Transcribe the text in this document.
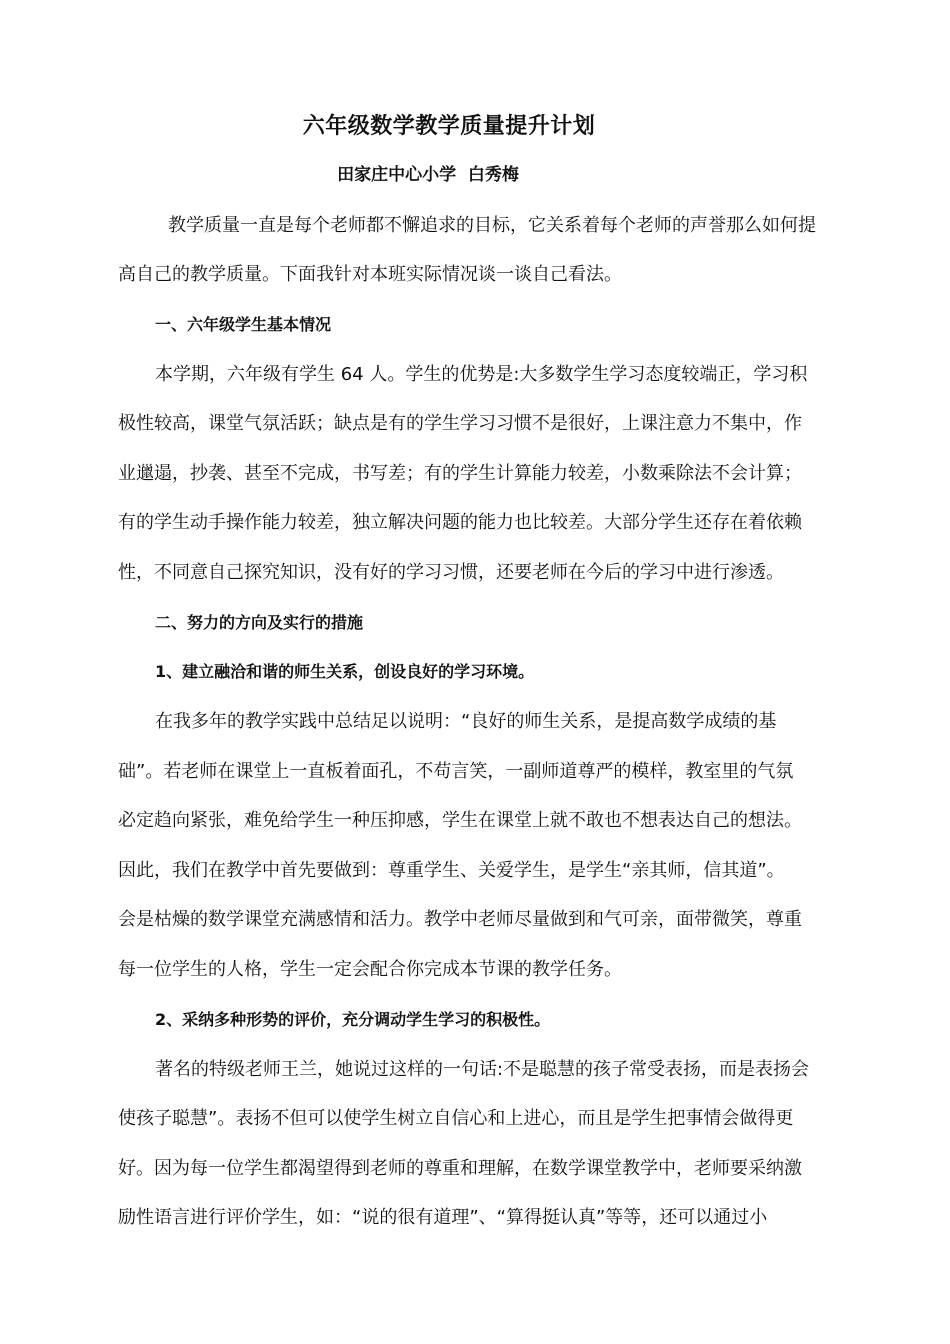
六年级数学教学质量提升计划
田家庄中心小学  白秀梅
教学质量一直是每个老师都不懈追求的目标，它关系着每个老师的声誉那么如何提
高自己的教学质量。下面我针对本班实际情况谈一谈自己看法。
一、六年级学生基本情况
本学期，六年级有学生 64 人。学生的优势是:大多数学生学习态度较端正，学习积
极性较高，课堂气氛活跃；缺点是有的学生学习习惯不是很好，上课注意力不集中，作
业邋遢，抄袭、甚至不完成，书写差；有的学生计算能力较差，小数乘除法不会计算；
有的学生动手操作能力较差，独立解决问题的能力也比较差。大部分学生还存在着依赖
性，不同意自己探究知识，没有好的学习习惯，还要老师在今后的学习中进行渗透。
二、努力的方向及实行的措施
1、建立融洽和谐的师生关系，创设良好的学习环境。
在我多年的教学实践中总结足以说明：“良好的师生关系，是提高数学成绩的基
础”。若老师在课堂上一直板着面孔，不苟言笑，一副师道尊严的模样，教室里的气氛
必定趋向紧张，难免给学生一种压抑感，学生在课堂上就不敢也不想表达自己的想法。
因此，我们在教学中首先要做到：尊重学生、关爱学生，是学生“亲其师，信其道”。
会是枯燥的数学课堂充满感情和活力。教学中老师尽量做到和气可亲，面带微笑，尊重
每一位学生的人格，学生一定会配合你完成本节课的教学任务。
2、采纳多种形势的评价，充分调动学生学习的积极性。
著名的特级老师王兰，她说过这样的一句话:不是聪慧的孩子常受表扬，而是表扬会
使孩子聪慧”。表扬不但可以使学生树立自信心和上进心，而且是学生把事情会做得更
好。因为每一位学生都渴望得到老师的尊重和理解，在数学课堂教学中，老师要采纳激
励性语言进行评价学生，如：“说的很有道理”、“算得挺认真”等等，还可以通过小
